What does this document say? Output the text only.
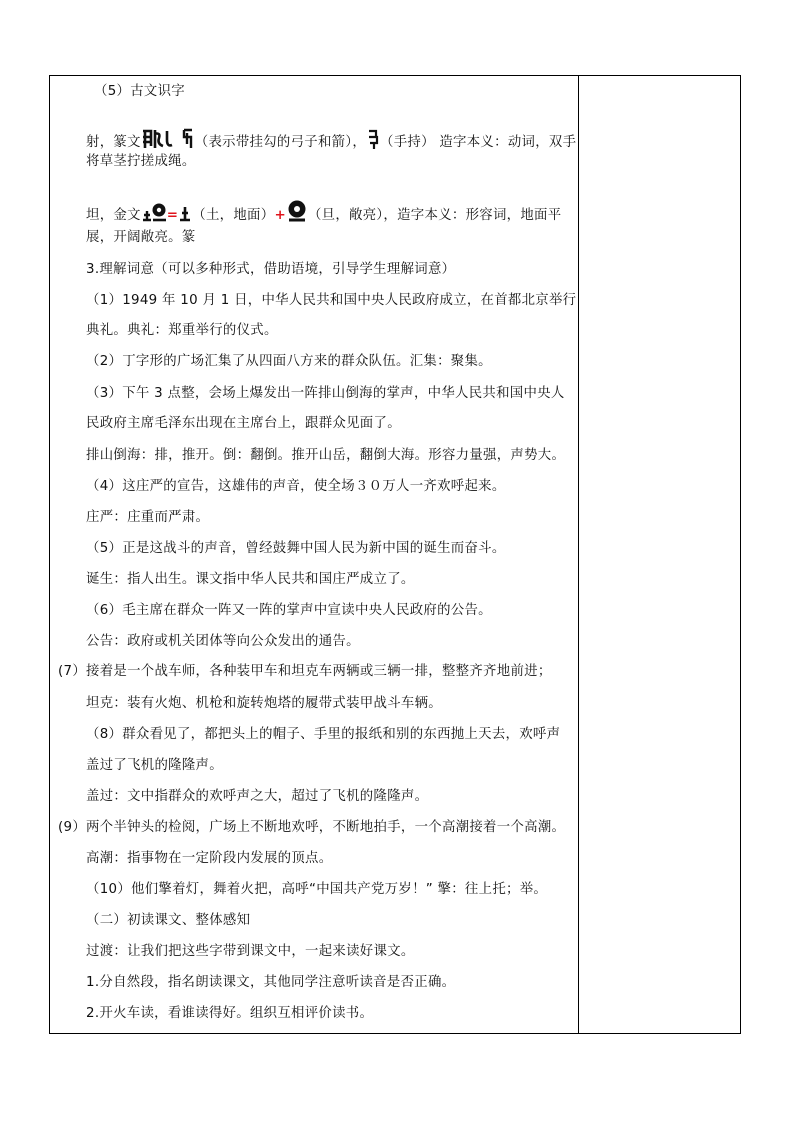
（5）古文识字
射，篆文	（表示带挂勾的弓子和箭）， （手持） 造字本义：动词，双手
将草茎拧搓成绳。
坦，金文 = （土，地面）+ （旦，敞亮），造字本义：形容词，地面平
展，开阔敞亮。篆
3.理解词意（可以多种形式，借助语境，引导学生理解词意）
（1）1949 年 10 月 1 日，中华人民共和国中央人民政府成立，在首都北京举行
典礼。典礼：郑重举行的仪式。
（2）丁字形的广场汇集了从四面八方来的群众队伍。汇集：聚集。
（3）下午 3 点整，会场上爆发出一阵排山倒海的掌声，中华人民共和国中央人
民政府主席毛泽东出现在主席台上，跟群众见面了。
排山倒海：排，推开。倒：翻倒。推开山岳，翻倒大海。形容力量强，声势大。
（4）这庄严的宣告，这雄伟的声音，使全场３０万人一齐欢呼起来。
庄严：庄重而严肃。
（5）正是这战斗的声音，曾经鼓舞中国人民为新中国的诞生而奋斗。
诞生：指人出生。课文指中华人民共和国庄严成立了。
（6）毛主席在群众一阵又一阵的掌声中宣读中央人民政府的公告。
公告：政府或机关团体等向公众发出的通告。
(7）接着是一个战车师，各种装甲车和坦克车两辆或三辆一排，整整齐齐地前进；
坦克：装有火炮、机枪和旋转炮塔的履带式装甲战斗车辆。
（8）群众看见了，都把头上的帽子、手里的报纸和别的东西抛上天去，欢呼声
盖过了飞机的隆隆声。
盖过：文中指群众的欢呼声之大，超过了飞机的隆隆声。
(9）两个半钟头的检阅，广场上不断地欢呼，不断地拍手，一个高潮接着一个高潮。
高潮：指事物在一定阶段内发展的顶点。
（10）他们擎着灯，舞着火把，高呼“中国共产党万岁！” 擎：往上托；举。
（二）初读课文、整体感知
过渡：让我们把这些字带到课文中，一起来读好课文。
1.分自然段，指名朗读课文，其他同学注意听读音是否正确。
2.开火车读，看谁读得好。组织互相评价读书。
